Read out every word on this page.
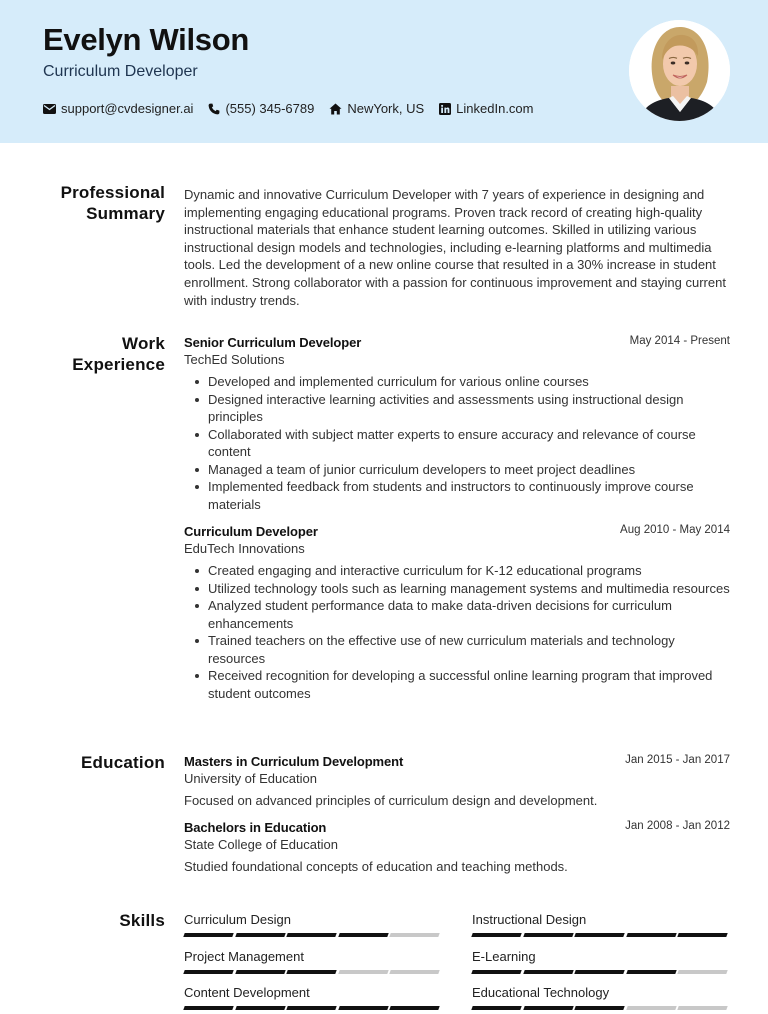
Evelyn Wilson
Curriculum Developer
support@cvdesigner.ai (555) 345-6789	NewYork, US LinkedIn.com
Professional
Summary

Dynamic and innovative Curriculum Developer with 7 years of experience in designing and implementing engaging educational programs. Proven track record of creating high-quality instructional materials that enhance student learning outcomes. Skilled in utilizing various instructional design models and technologies, including e-learning platforms and multimedia tools. Led the development of a new online course that resulted in a 30% increase in student enrollment. Strong collaborator with a passion for continuous improvement and staying current with industry trends.

Work
Experience
Senior Curriculum Developer	May 2014 - Present
TechEd Solutions
Developed and implemented curriculum for various online courses
Designed interactive learning activities and assessments using instructional design principles
Collaborated with subject matter experts to ensure accuracy and relevance of course content
Managed a team of junior curriculum developers to meet project deadlines
Implemented feedback from students and instructors to continuously improve course materials
Curriculum Developer	Aug 2010 - May 2014
EduTech Innovations
Created engaging and interactive curriculum for K-12 educational programs
Utilized technology tools such as learning management systems and multimedia resources
Analyzed student performance data to make data-driven decisions for curriculum enhancements
Trained teachers on the effective use of new curriculum materials and technology resources
Received recognition for developing a successful online learning program that improved student outcomes
Education Masters in Curriculum Development	Jan 2015 - Jan 2017
University of Education
Focused on advanced principles of curriculum design and development.
Bachelors in Education	Jan 2008 - Jan 2012
State College of Education
Studied foundational concepts of education and teaching methods.
Skills Curriculum Design	Instructional Design
Project Management	E-Learning
Content Development	Educational Technology
